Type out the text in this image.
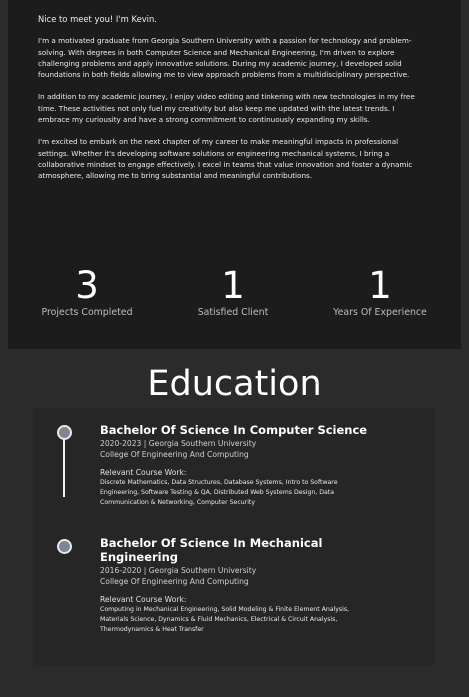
Nice to meet you! I'm Kevin.

I'm a motivated graduate from Georgia Southern University with a passion for technology and problem-solving. With degrees in both Computer Science and Mechanical Engineering, I'm driven to explore challenging problems and apply innovative solutions. During my academic journey, I developed solid foundations in both fields allowing me to view approach problems from a multidisciplinary perspective.

In addition to my academic journey, I enjoy video editing and tinkering with new technologies in my free time. These activities not only fuel my creativity but also keep me updated with the latest trends. I embrace my curiousity and have a strong commitment to continuously expanding my skills.

I'm excited to embark on the next chapter of my career to make meaningful impacts in professional settings. Whether it's developing software solutions or engineering mechanical systems, I bring a collaborative mindset to engage effectively. I excel in teams that value innovation and foster a dynamic atmosphere, allowing me to bring substantial and meaningful contributions.

3
Projects Completed
1
Satisfied Client
1
Years Of Experience
Education
Bachelor Of Science In Computer Science
2020-2023 | Georgia Southern University
College Of Engineering And Computing
Relevant Course Work:
Discrete Mathematics, Data Structures, Database Systems, Intro to Software Engineering, Software Testing & QA, Distributed Web Systems Design, Data Communication & Networking, Computer Security
Bachelor Of Science In Mechanical Engineering
2016-2020 | Georgia Southern University
College Of Engineering And Computing
Relevant Course Work:
Computing in Mechanical Engineering, Solid Modeling & Finite Element Analysis, Materials Science, Dynamics & Fluid Mechanics, Electrical & Circuit Analysis, Thermodynamics & Heat Transfer
